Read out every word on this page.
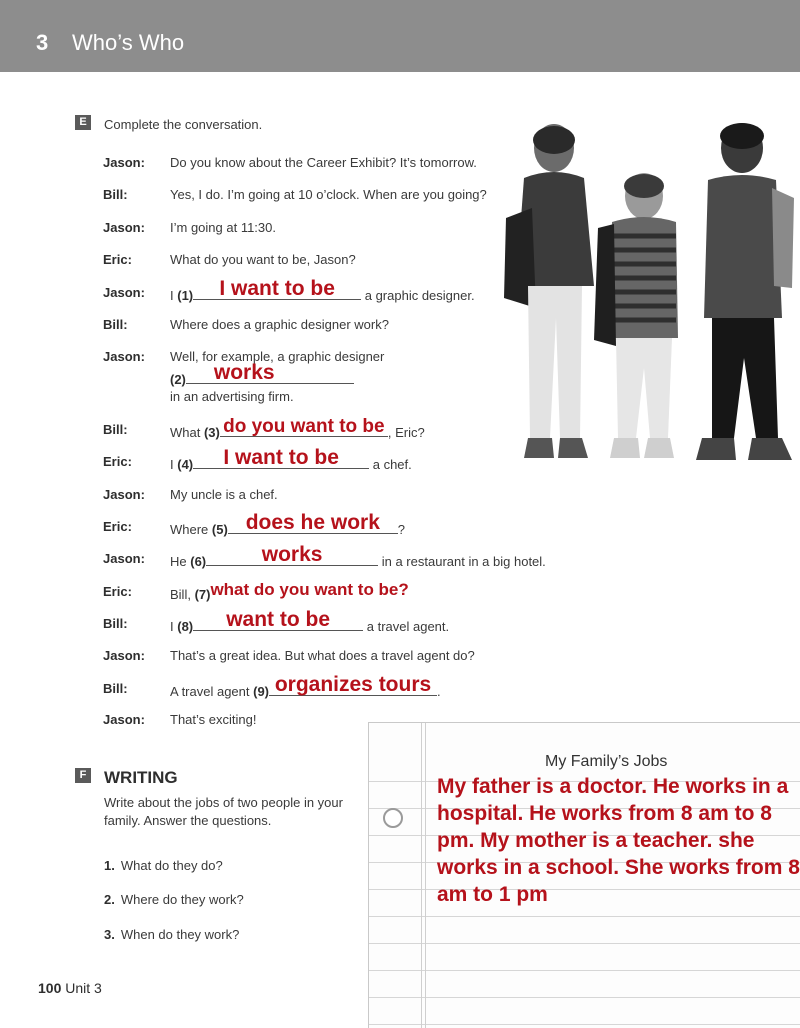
3 Who’s Who
E	Complete the conversation.
Jason: Do you know about the Career Exhibit? It’s tomorrow.
Bill:	Yes, I do. I’m going at 10 o’clock. When are you going?
Jason: I’m going at 11:30.
Eric:	What do you want to be, Jason?
Jason: I (1)	I want to be	a graphic designer.
Bill:	Where does a graphic designer work?
Jason: Well, for example, a graphic designer
(2) works
in an advertising firm.
Bill:	What (3) do you want to be , Eric?
Eric:	I (4)	I want to be	a chef.
Jason: My uncle is a chef.
Eric:	Where (5) does he work	?
Jason: He (6)	works	in a restaurant in a big hotel.
Eric:	Bill, (7) what do you want to be?
Bill:	I (8)	want to be	a travel agent.
Jason: That’s a great idea. But what does a travel agent do?
Bill:	A travel agent (9) organizes tours .
Jason: That’s exciting!
F WRITING
Write about the jobs of two people in your family. Answer the questions.
1. What do they do?
2. Where do they work?
3. When do they work?
My Family’s Jobs
My father is a doctor. He works in a hospital. He works from 8 am to 8 pm. My mother is a teacher. she works in a school. She works from 8 am to 1 pm
100 Unit 3
